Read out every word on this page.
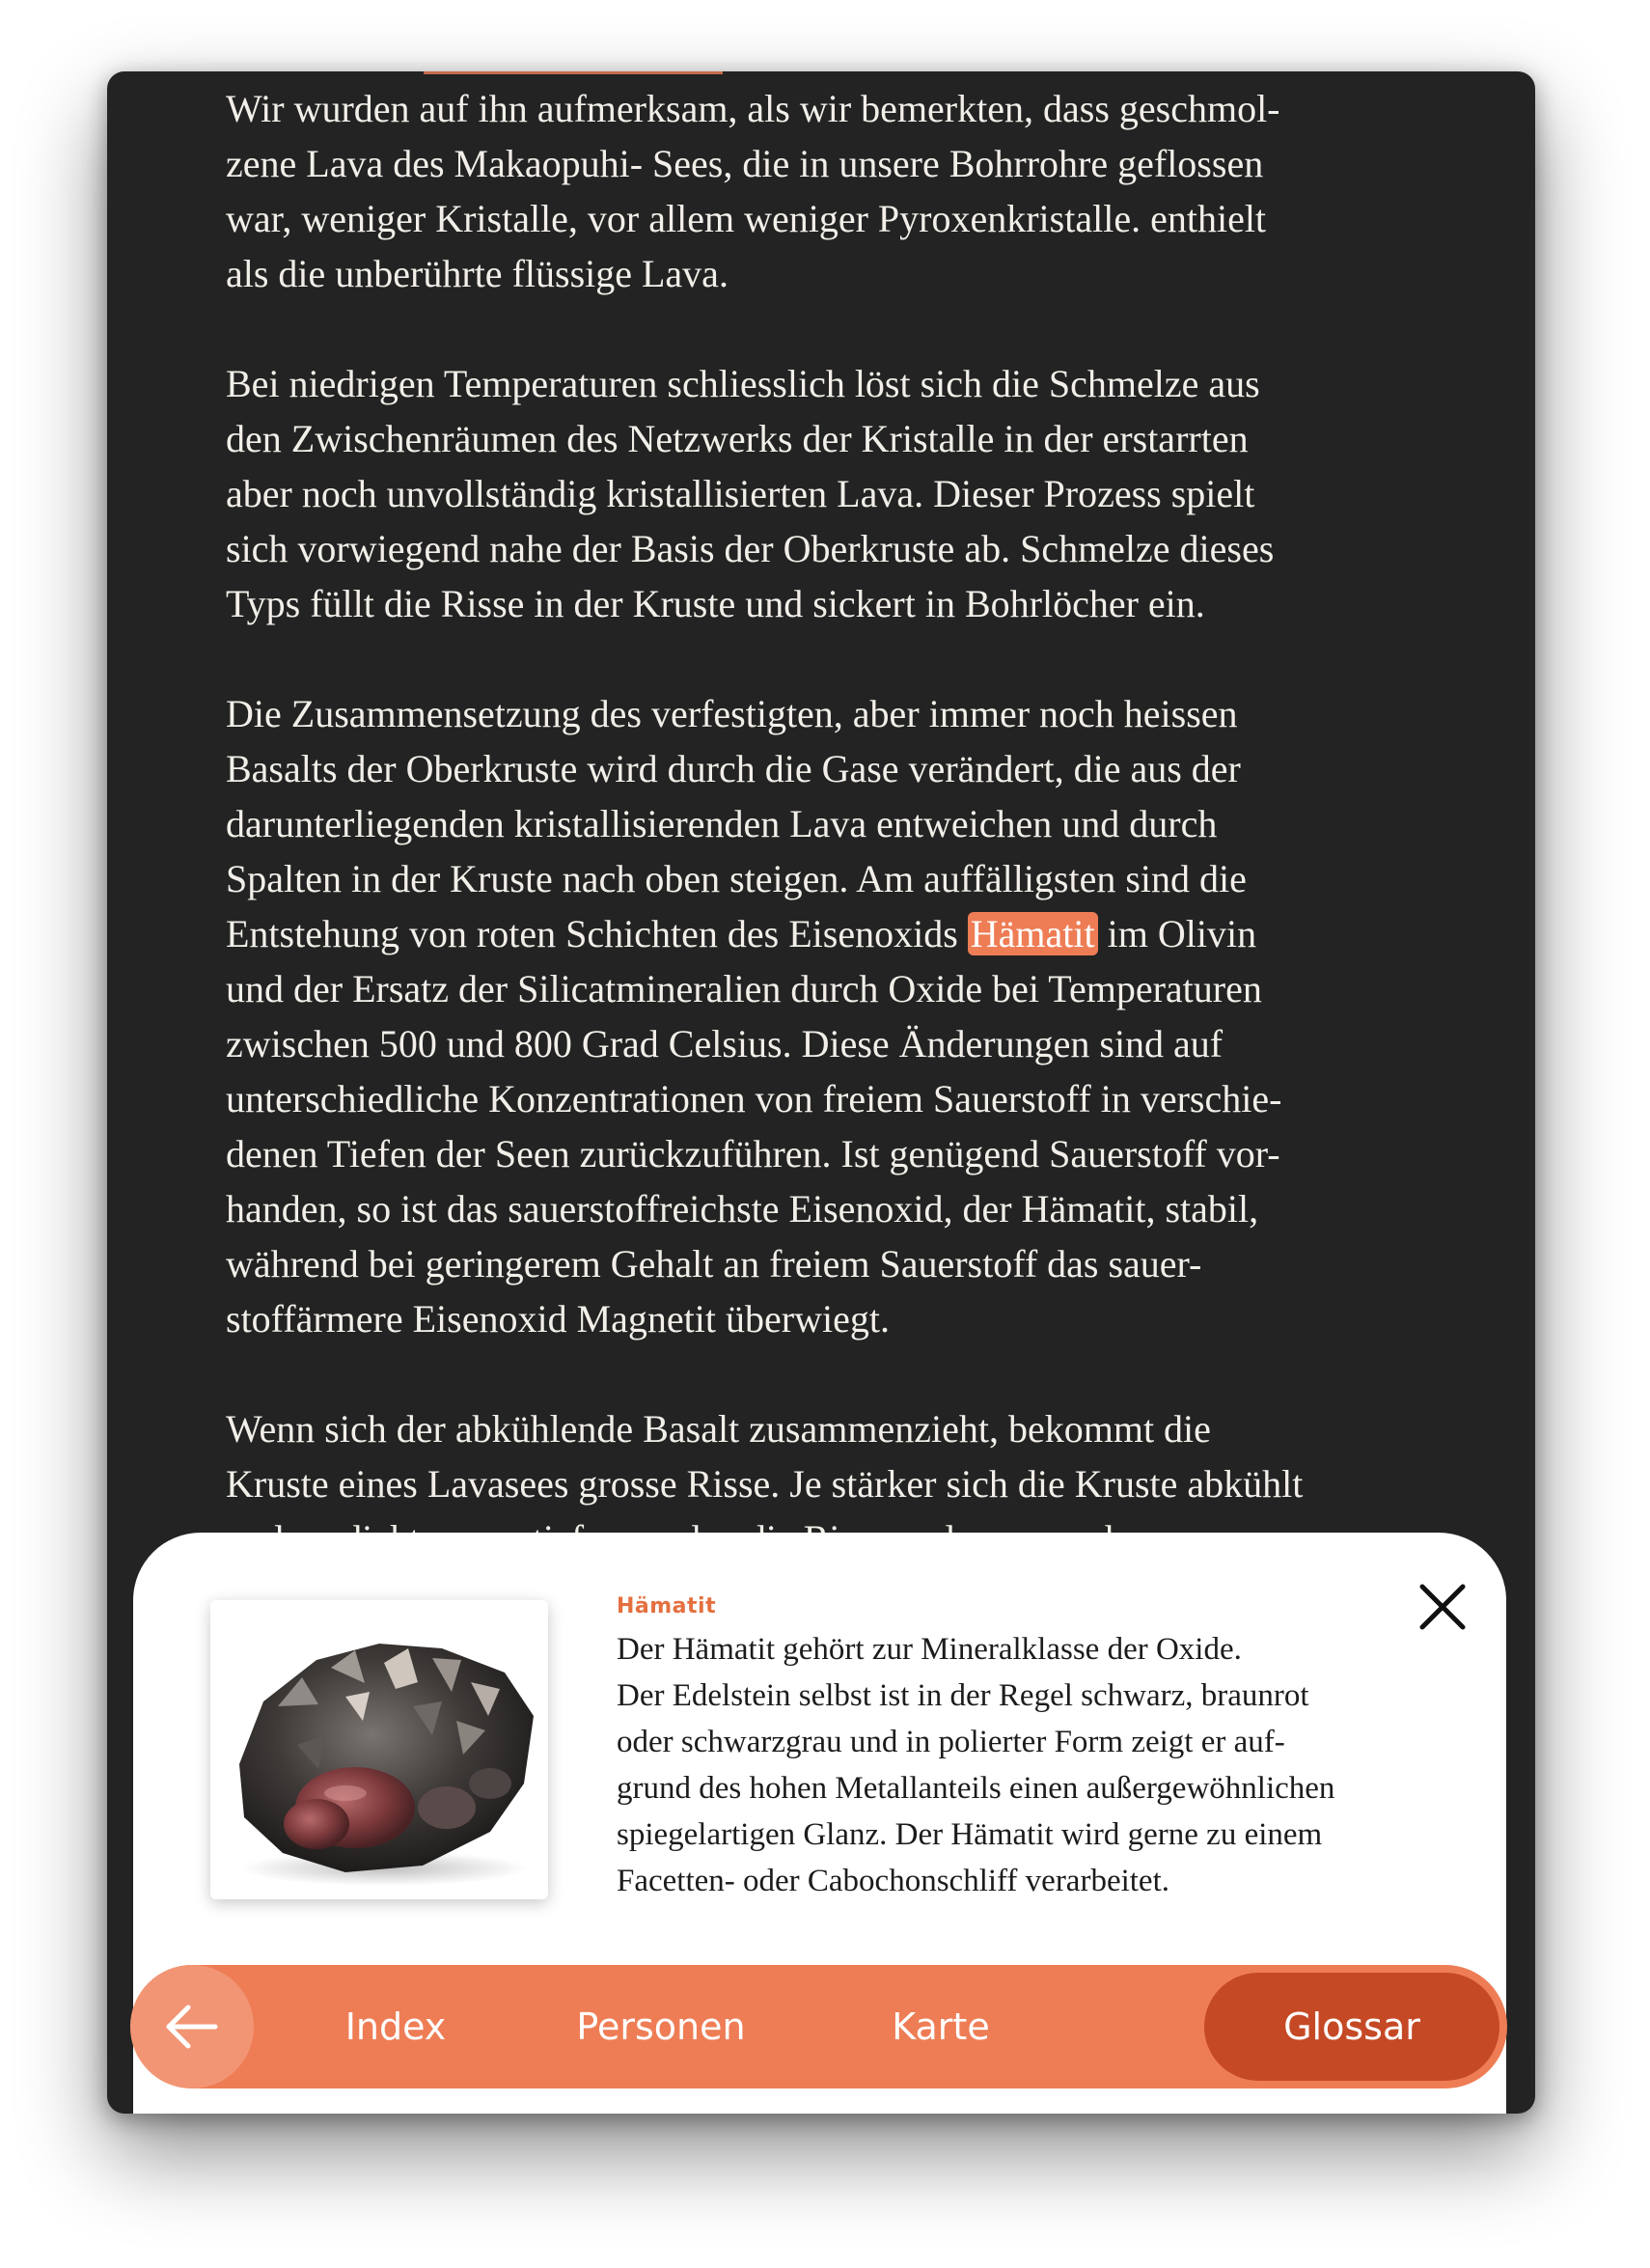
Wir wurden auf ihn aufmerksam, als wir bemerkten, dass geschmol-
zene Lava des Makaopuhi- Sees, die in unsere Bohrrohre geflossen
war, weniger Kristalle, vor allem weniger Pyroxenkristalle. enthielt
als die unberührte flüssige Lava.

Bei niedrigen Temperaturen schliesslich löst sich die Schmelze aus
den Zwischenräumen des Netzwerks der Kristalle in der erstarrten
aber noch unvollständig kristallisierten Lava. Dieser Prozess spielt
sich vorwiegend nahe der Basis der Oberkruste ab. Schmelze dieses
Typs füllt die Risse in der Kruste und sickert in Bohrlöcher ein.

Die Zusammensetzung des verfestigten, aber immer noch heissen
Basalts der Oberkruste wird durch die Gase verändert, die aus der
darunterliegenden kristallisierenden Lava entweichen und durch
Spalten in der Kruste nach oben steigen. Am auffälligsten sind die
Entstehung von roten Schichten des Eisenoxids Hämatit im Olivin
und der Ersatz der Silicatmineralien durch Oxide bei Temperaturen
zwischen 500 und 800 Grad Celsius. Diese Änderungen sind auf
unterschiedliche Konzentrationen von freiem Sauerstoff in verschie-
denen Tiefen der Seen zurückzuführen. Ist genügend Sauerstoff vor-
handen, so ist das sauerstoffreichste Eisenoxid, der Hämatit, stabil,
während bei geringerem Gehalt an freiem Sauerstoff das sauer-
stoffärmere Eisenoxid Magnetit überwiegt.

Wenn sich der abkühlende Basalt zusammenzieht, bekommt die
Kruste eines Lavasees grosse Risse. Je stärker sich die Kruste abkühlt

Hämatit
Der Hämatit gehört zur Mineralklasse der Oxide.
Der Edelstein selbst ist in der Regel schwarz, braunrot
oder schwarzgrau und in polierter Form zeigt er auf-
grund des hohen Metallanteils einen außergewöhnlichen
spiegelartigen Glanz. Der Hämatit wird gerne zu einem
Facetten- oder Cabochonschliff verarbeitet.
Index	Personen	Karte	Glossar
